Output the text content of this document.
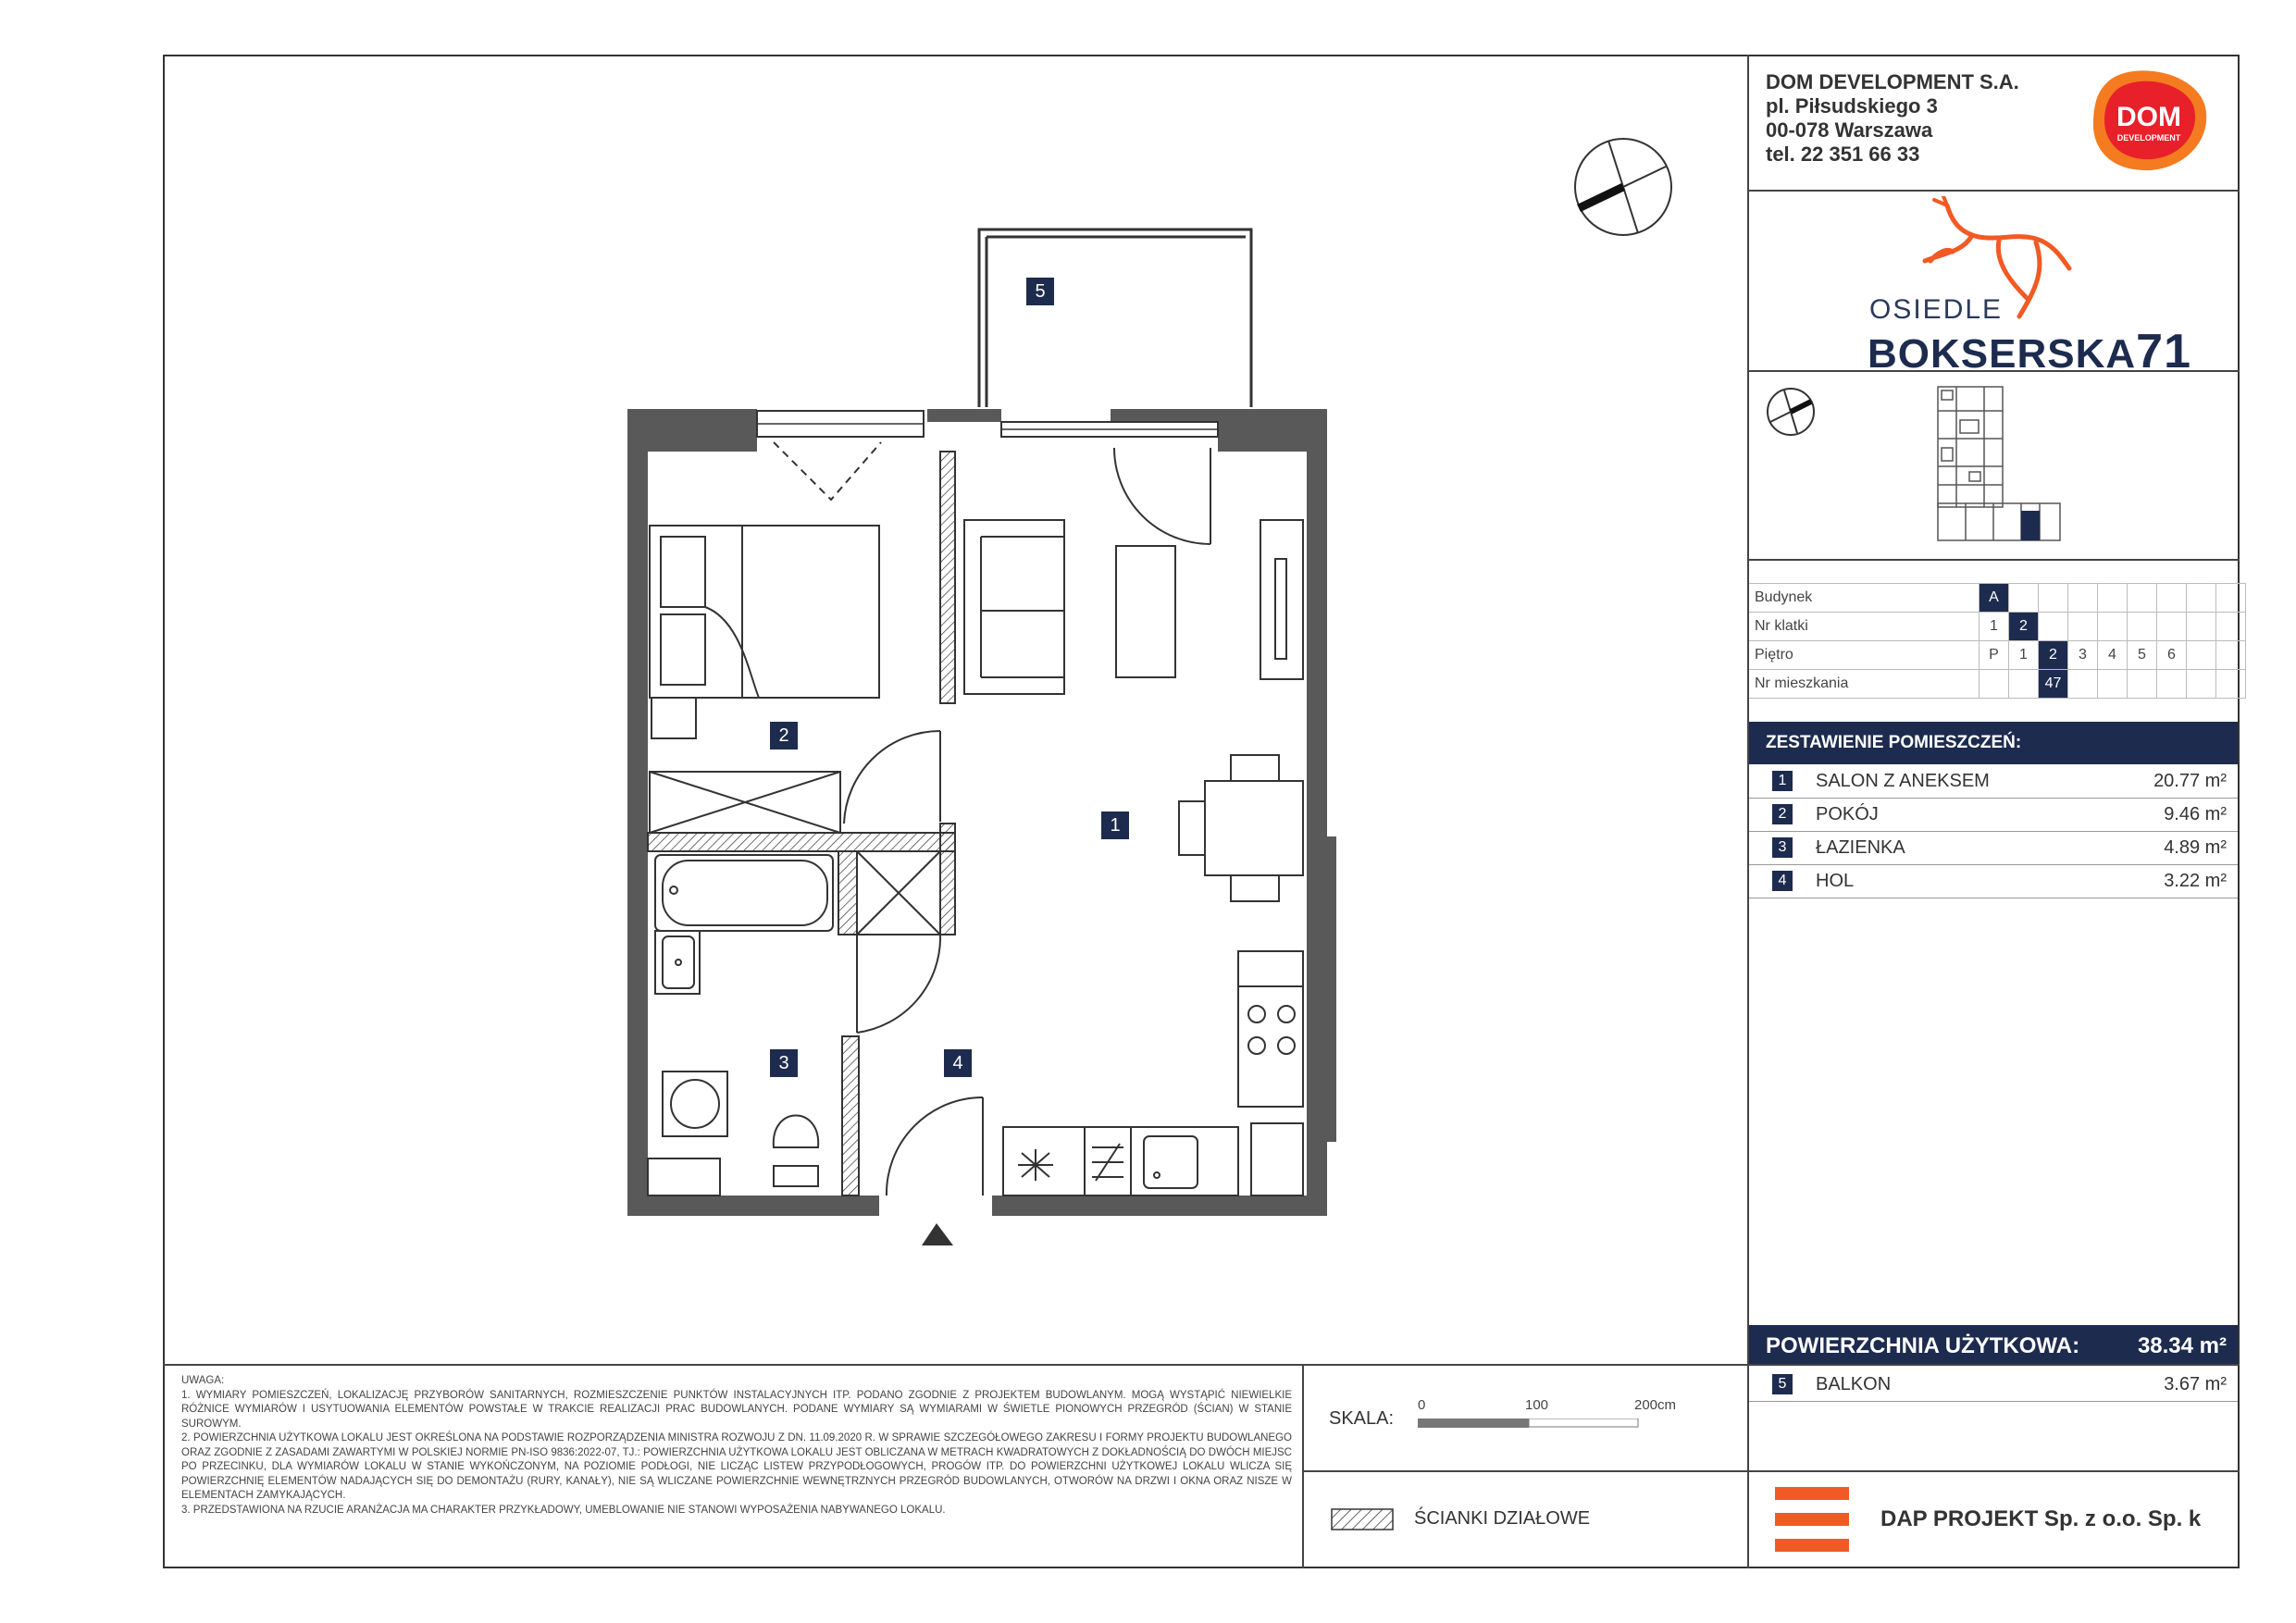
DOM DEVELOPMENT S.A.
pl. Piłsudskiego 3
00-078 Warszawa
tel. 22 351 66 33
DOM
DEVELOPMENT
OSIEDLE
BOKSERSKA71
Budynek	A								
Nr klatki	1	2							
Piętro	P	1	2	3	4	5	6		
Nr mieszkania			47						
ZESTAWIENIE POMIESZCZEŃ:
1	SALON Z ANEKSEM	20.77 m²
2	POKÓJ	9.46 m²
3	ŁAZIENKA	4.89 m²
4	HOL	3.22 m²
POWIERZCHNIA UŻYTKOWA:	38.34 m²
5	BALKON	3.67 m²

UWAGA:

1. WYMIARY POMIESZCZEŃ, LOKALIZACJĘ PRZYBORÓW SANITARNYCH, ROZMIESZCZENIE PUNKTÓW INSTALACYJNYCH ITP. PODANO ZGODNIE Z PROJEKTEM BUDOWLANYM. MOGĄ WYSTĄPIĆ NIEWIELKIE RÓŻNICE WYMIARÓW I USYTUOWANIA ELEMENTÓW POWSTAŁE W TRAKCIE REALIZACJI PRAC BUDOWLANYCH. PODANE WYMIARY SĄ WYMIARAMI W ŚWIETLE PIONOWYCH PRZEGRÓD (ŚCIAN) W STANIE SUROWYM.

2. POWIERZCHNIA UŻYTKOWA LOKALU JEST OKREŚLONA NA PODSTAWIE ROZPORZĄDZENIA MINISTRA ROZWOJU Z DN. 11.09.2020 R. W SPRAWIE SZCZEGÓŁOWEGO ZAKRESU I FORMY PROJEKTU BUDOWLANEGO ORAZ ZGODNIE Z ZASADAMI ZAWARTYMI W POLSKIEJ NORMIE PN-ISO 9836:2022-07, TJ.: POWIERZCHNIA UŻYTKOWA LOKALU JEST OBLICZANA W METRACH KWADRATOWYCH Z DOKŁADNOŚCIĄ DO DWÓCH MIEJSC PO PRZECINKU, DLA WYMIARÓW LOKALU W STANIE WYKOŃCZONYM, NA POZIOMIE PODŁOGI, NIE LICZĄC LISTEW PRZYPODŁOGOWYCH, PROGÓW ITP. DO POWIERZCHNI UŻYTKOWEJ LOKALU WLICZA SIĘ POWIERZCHNIĘ ELEMENTÓW NADAJĄCYCH SIĘ DO DEMONTAŻU (RURY, KANAŁY), NIE SĄ WLICZANE POWIERZCHNIE WEWNĘTRZNYCH PRZEGRÓD BUDOWLANYCH, OTWORÓW NA DRZWI I OKNA ORAZ NISZE W ELEMENTACH ZAMYKAJĄCYCH.

3. PRZEDSTAWIONA NA RZUCIE ARANŻACJA MA CHARAKTER PRZYKŁADOWY, UMEBLOWANIE NIE STANOWI WYPOSAŻENIA NABYWANEGO LOKALU.

SKALA:
0	100	200cm
ŚCIANKI DZIAŁOWE	DAP PROJEKT Sp. z o.o. Sp. k
5
2
1
3	4
